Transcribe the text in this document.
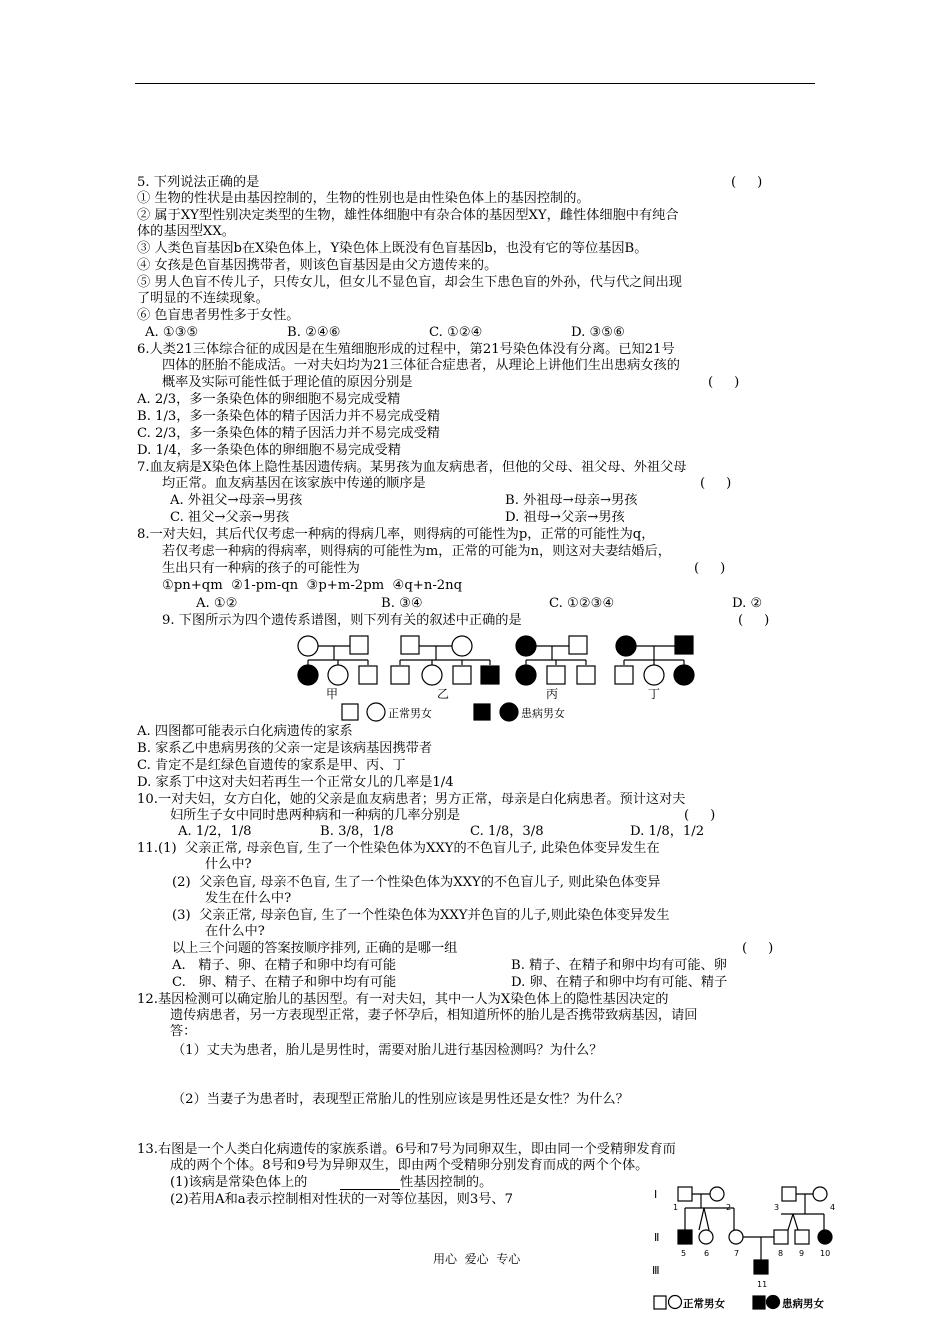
5. 下列说法正确的是	(     )
① 生物的性状是由基因控制的，生物的性别也是由性染色体上的基因控制的。
② 属于XY型性别决定类型的生物，雄性体细胞中有杂合体的基因型XY，雌性体细胞中有纯合
体的基因型XX。
③ 人类色盲基因b在X染色体上，Y染色体上既没有色盲基因b，也没有它的等位基因B。
④ 女孩是色盲基因携带者，则该色盲基因是由父方遗传来的。
⑤ 男人色盲不传儿子，只传女儿，但女儿不显色盲，却会生下患色盲的外孙，代与代之间出现
了明显的不连续现象。
⑥ 色盲患者男性多于女性。
A. ①③⑤	B. ②④⑥	C. ①②④	D. ③⑤⑥
6.人类21三体综合征的成因是在生殖细胞形成的过程中，第21号染色体没有分离。已知21号
四体的胚胎不能成活。一对夫妇均为21三体征合症患者，从理论上讲他们生出患病女孩的
概率及实际可能性低于理论值的原因分别是	(     )
A. 2/3，多一条染色体的卵细胞不易完成受精
B. 1/3，多一条染色体的精子因活力并不易完成受精
C. 2/3，多一条染色体的精子因活力并不易完成受精
D. 1/4，多一条染色体的卵细胞不易完成受精
7.血友病是X染色体上隐性基因遗传病。某男孩为血友病患者，但他的父母、祖父母、外祖父母
均正常。血友病基因在该家族中传递的顺序是	(     )
A. 外祖父→母亲→男孩	B. 外祖母→母亲→男孩
C. 祖父→父亲→男孩	D. 祖母→父亲→男孩
8.一对夫妇，其后代仅考虑一种病的得病几率，则得病的可能性为p，正常的可能性为q，
若仅考虑一种病的得病率，则得病的可能性为m，正常的可能为n，则这对夫妻结婚后，
生出只有一种病的孩子的可能性为	(     )
①pn+qm  ②1-pm-qn  ③p+m-2pm  ④q+n-2nq
A. ①②	B. ③④	C. ①②③④	D. ②
9. 下图所示为四个遗传系谱图，则下列有关的叙述中正确的是	(     )
甲	乙	丙	丁
正常男女	患病男女
A. 四图都可能表示白化病遗传的家系
B. 家系乙中患病男孩的父亲一定是该病基因携带者
C. 肯定不是红绿色盲遗传的家系是甲、丙、丁
D. 家系丁中这对夫妇若再生一个正常女儿的几率是1/4
10.一对夫妇，女方白化，她的父亲是血友病患者；男方正常，母亲是白化病患者。预计这对夫
妇所生子女中同时患两种病和一种病的几率分别是	(     )
A. 1/2，1/8	B. 3/8，1/8	C. 1/8，3/8	D. 1/8，1/2
11.(1)  父亲正常, 母亲色盲, 生了一个性染色体为XXY的不色盲儿子, 此染色体变异发生在
什么中?
(2)  父亲色盲, 母亲不色盲, 生了一个性染色体为XXY的不色盲儿子, 则此染色体变异
发生在什么中?
(3)  父亲正常, 母亲色盲, 生了一个性染色体为XXY并色盲的儿子,则此染色体变异发生
在什么中?
以上三个问题的答案按顺序排列, 正确的是哪一组	(     )
A.   精子、卵、在精子和卵中均有可能	B. 精子、在精子和卵中均有可能、卵
C.   卵、精子、在精子和卵中均有可能	D. 卵、在精子和卵中均有可能、精子
12.基因检测可以确定胎儿的基因型。有一对夫妇，其中一人为X染色体上的隐性基因决定的
遗传病患者，另一方表现型正常，妻子怀孕后，相知道所怀的胎儿是否携带致病基因，请回
答：
（1）丈夫为患者，胎儿是男性时，需要对胎儿进行基因检测吗？为什么？
（2）当妻子为患者时，表现型正常胎儿的性别应该是男性还是女性？为什么？
13.右图是一个人类白化病遗传的家族系谱。6号和7号为同卵双生，即由同一个受精卵发育而
成的两个个体。8号和9号为异卵双生，即由两个受精卵分别发育而成的两个个体。
(1)该病是常染色体上的	性基因控制的。
(2)若用A和a表示控制相对性状的一对等位基因，则3号、7	Ⅰ
Ⅱ
Ⅲ
1	2	3	4
5 6	7	8 9 10
11
正常男女	患病男女
用心  爱心  专心
